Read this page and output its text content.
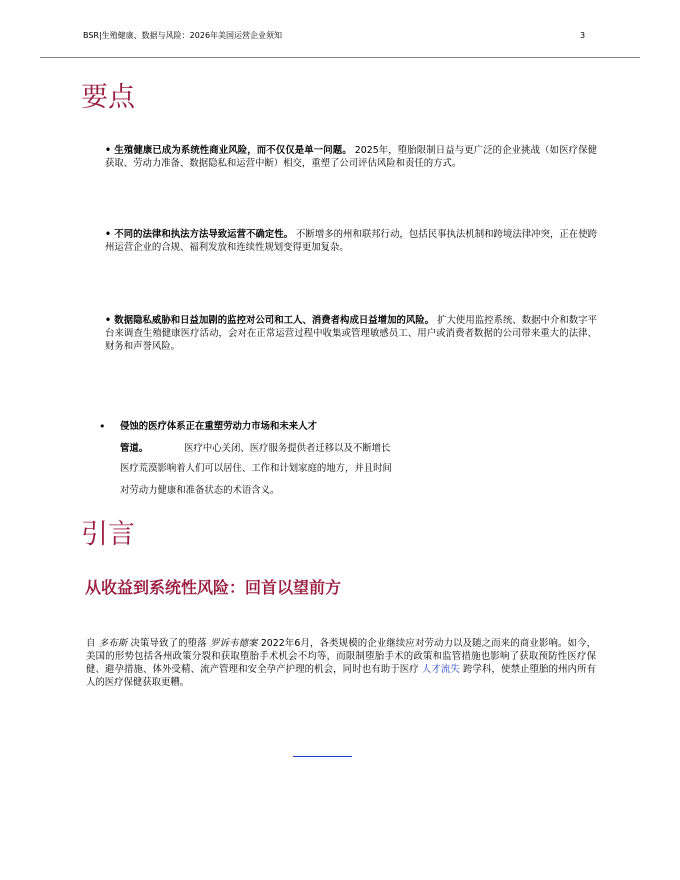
BSR|生殖健康、数据与风险：2026年美国运营企业须知	3
要点
• 生殖健康已成为系统性商业风险，而不仅仅是单一问题。 2025年，堕胎限制日益与更广泛的企业挑战（如医疗保健获取、劳动力准备、数据隐私和运营中断）相交，重塑了公司评估风险和责任的方式。
• 不同的法律和执法方法导致运营不确定性。 不断增多的州和联邦行动，包括民事执法机制和跨境法律冲突，正在使跨州运营企业的合规、福利发放和连续性规划变得更加复杂。
• 数据隐私威胁和日益加剧的监控对公司和工人、消费者构成日益增加的风险。 扩大使用监控系统、数据中介和数字平台来调查生殖健康医疗活动，会对在正常运营过程中收集或管理敏感员工、用户或消费者数据的公司带来重大的法律、财务和声誉风险。
• 侵蚀的医疗体系正在重塑劳动力市场和未来人才
管道。	医疗中心关闭、医疗服务提供者迁移以及不断增长
医疗荒漠影响着人们可以居住、工作和计划家庭的地方，并且时间
对劳动力健康和准备状态的术语含义。
引言
从收益到系统性风险：回首以望前方
自 多布斯 决策导致了的堕落 罗诉韦德案 2022年6月，各类规模的企业继续应对劳动力以及随之而来的商业影响。如今，美国的形势包括各州政策分裂和获取堕胎手术机会不均等，而限制堕胎手术的政策和监管措施也影响了获取预防性医疗保健、避孕措施、体外受精、流产管理和安全孕产护理的机会，同时也有助于医疗 人才流失 跨学科，使禁止堕胎的州内所有人的医疗保健获取更糟。
